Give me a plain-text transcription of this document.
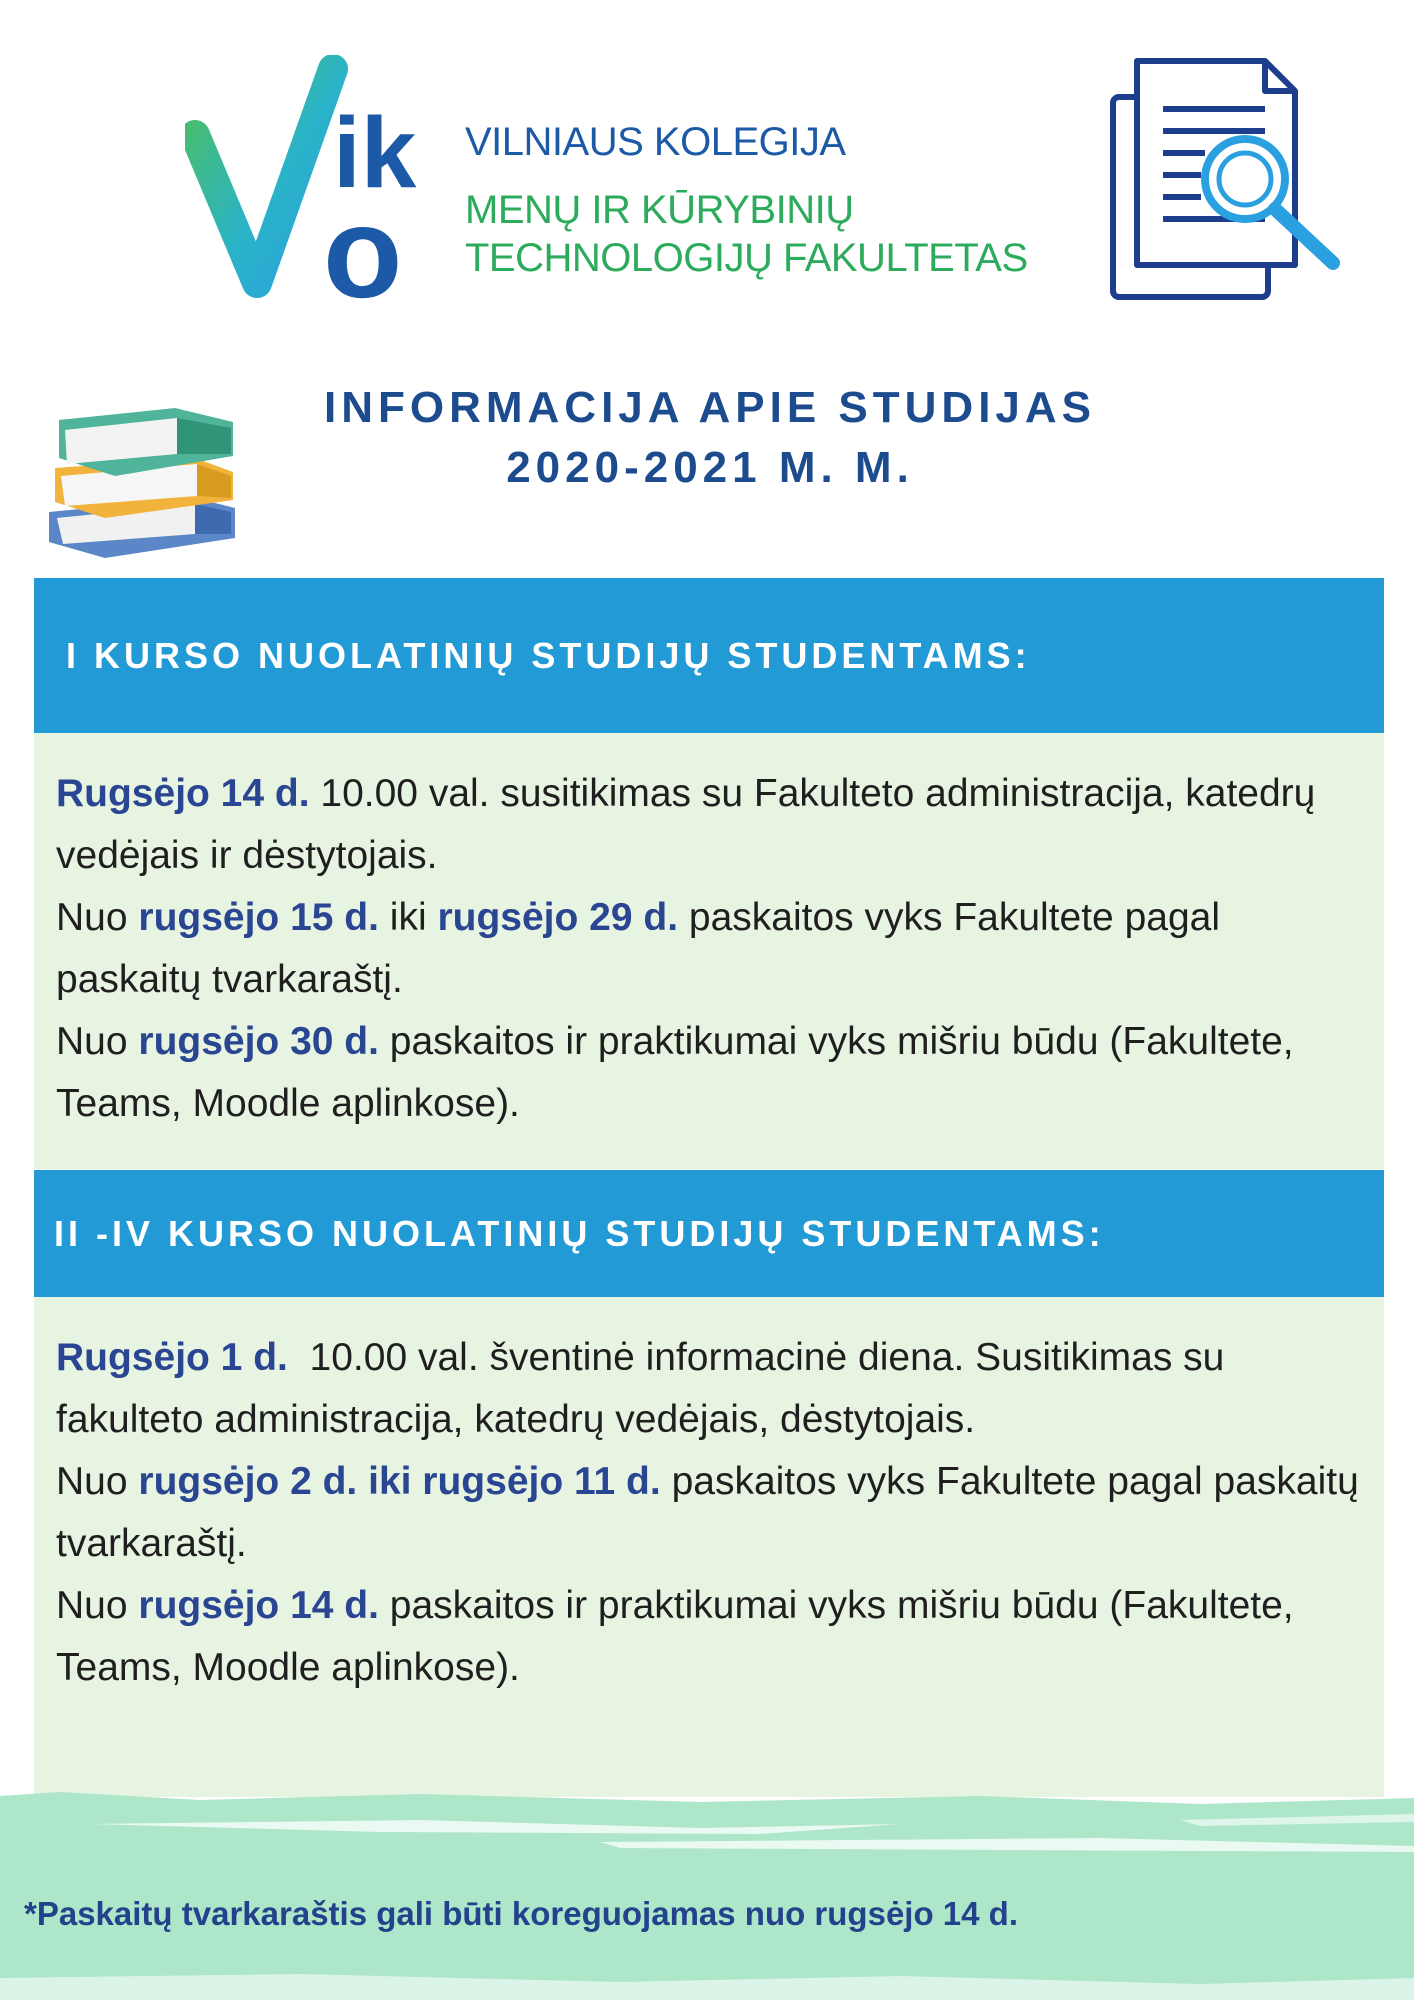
ik
o
VILNIAUS KOLEGIJA
MENŲ IR KŪRYBINIŲ
TECHNOLOGIJŲ FAKULTETAS
INFORMACIJA APIE STUDIJAS
2020-2021 M. M.
I KURSO NUOLATINIŲ STUDIJŲ STUDENTAMS:
Rugsėjo 14 d. 10.00 val. susitikimas su Fakulteto administracija, katedrų vedėjais ir dėstytojais.
Nuo rugsėjo 15 d. iki rugsėjo 29 d. paskaitos vyks Fakultete pagal paskaitų tvarkaraštį.
Nuo rugsėjo 30 d. paskaitos ir praktikumai vyks mišriu būdu (Fakultete, Teams, Moodle aplinkose).
II -IV KURSO NUOLATINIŲ STUDIJŲ STUDENTAMS:
Rugsėjo 1 d.  10.00 val. šventinė informacinė diena. Susitikimas su fakulteto administracija, katedrų vedėjais, dėstytojais.
Nuo rugsėjo 2 d. iki rugsėjo 11 d. paskaitos vyks Fakultete pagal paskaitų tvarkaraštį.
Nuo rugsėjo 14 d. paskaitos ir praktikumai vyks mišriu būdu (Fakultete, Teams, Moodle aplinkose).
*Paskaitų tvarkaraštis gali būti koreguojamas nuo rugsėjo 14 d.
